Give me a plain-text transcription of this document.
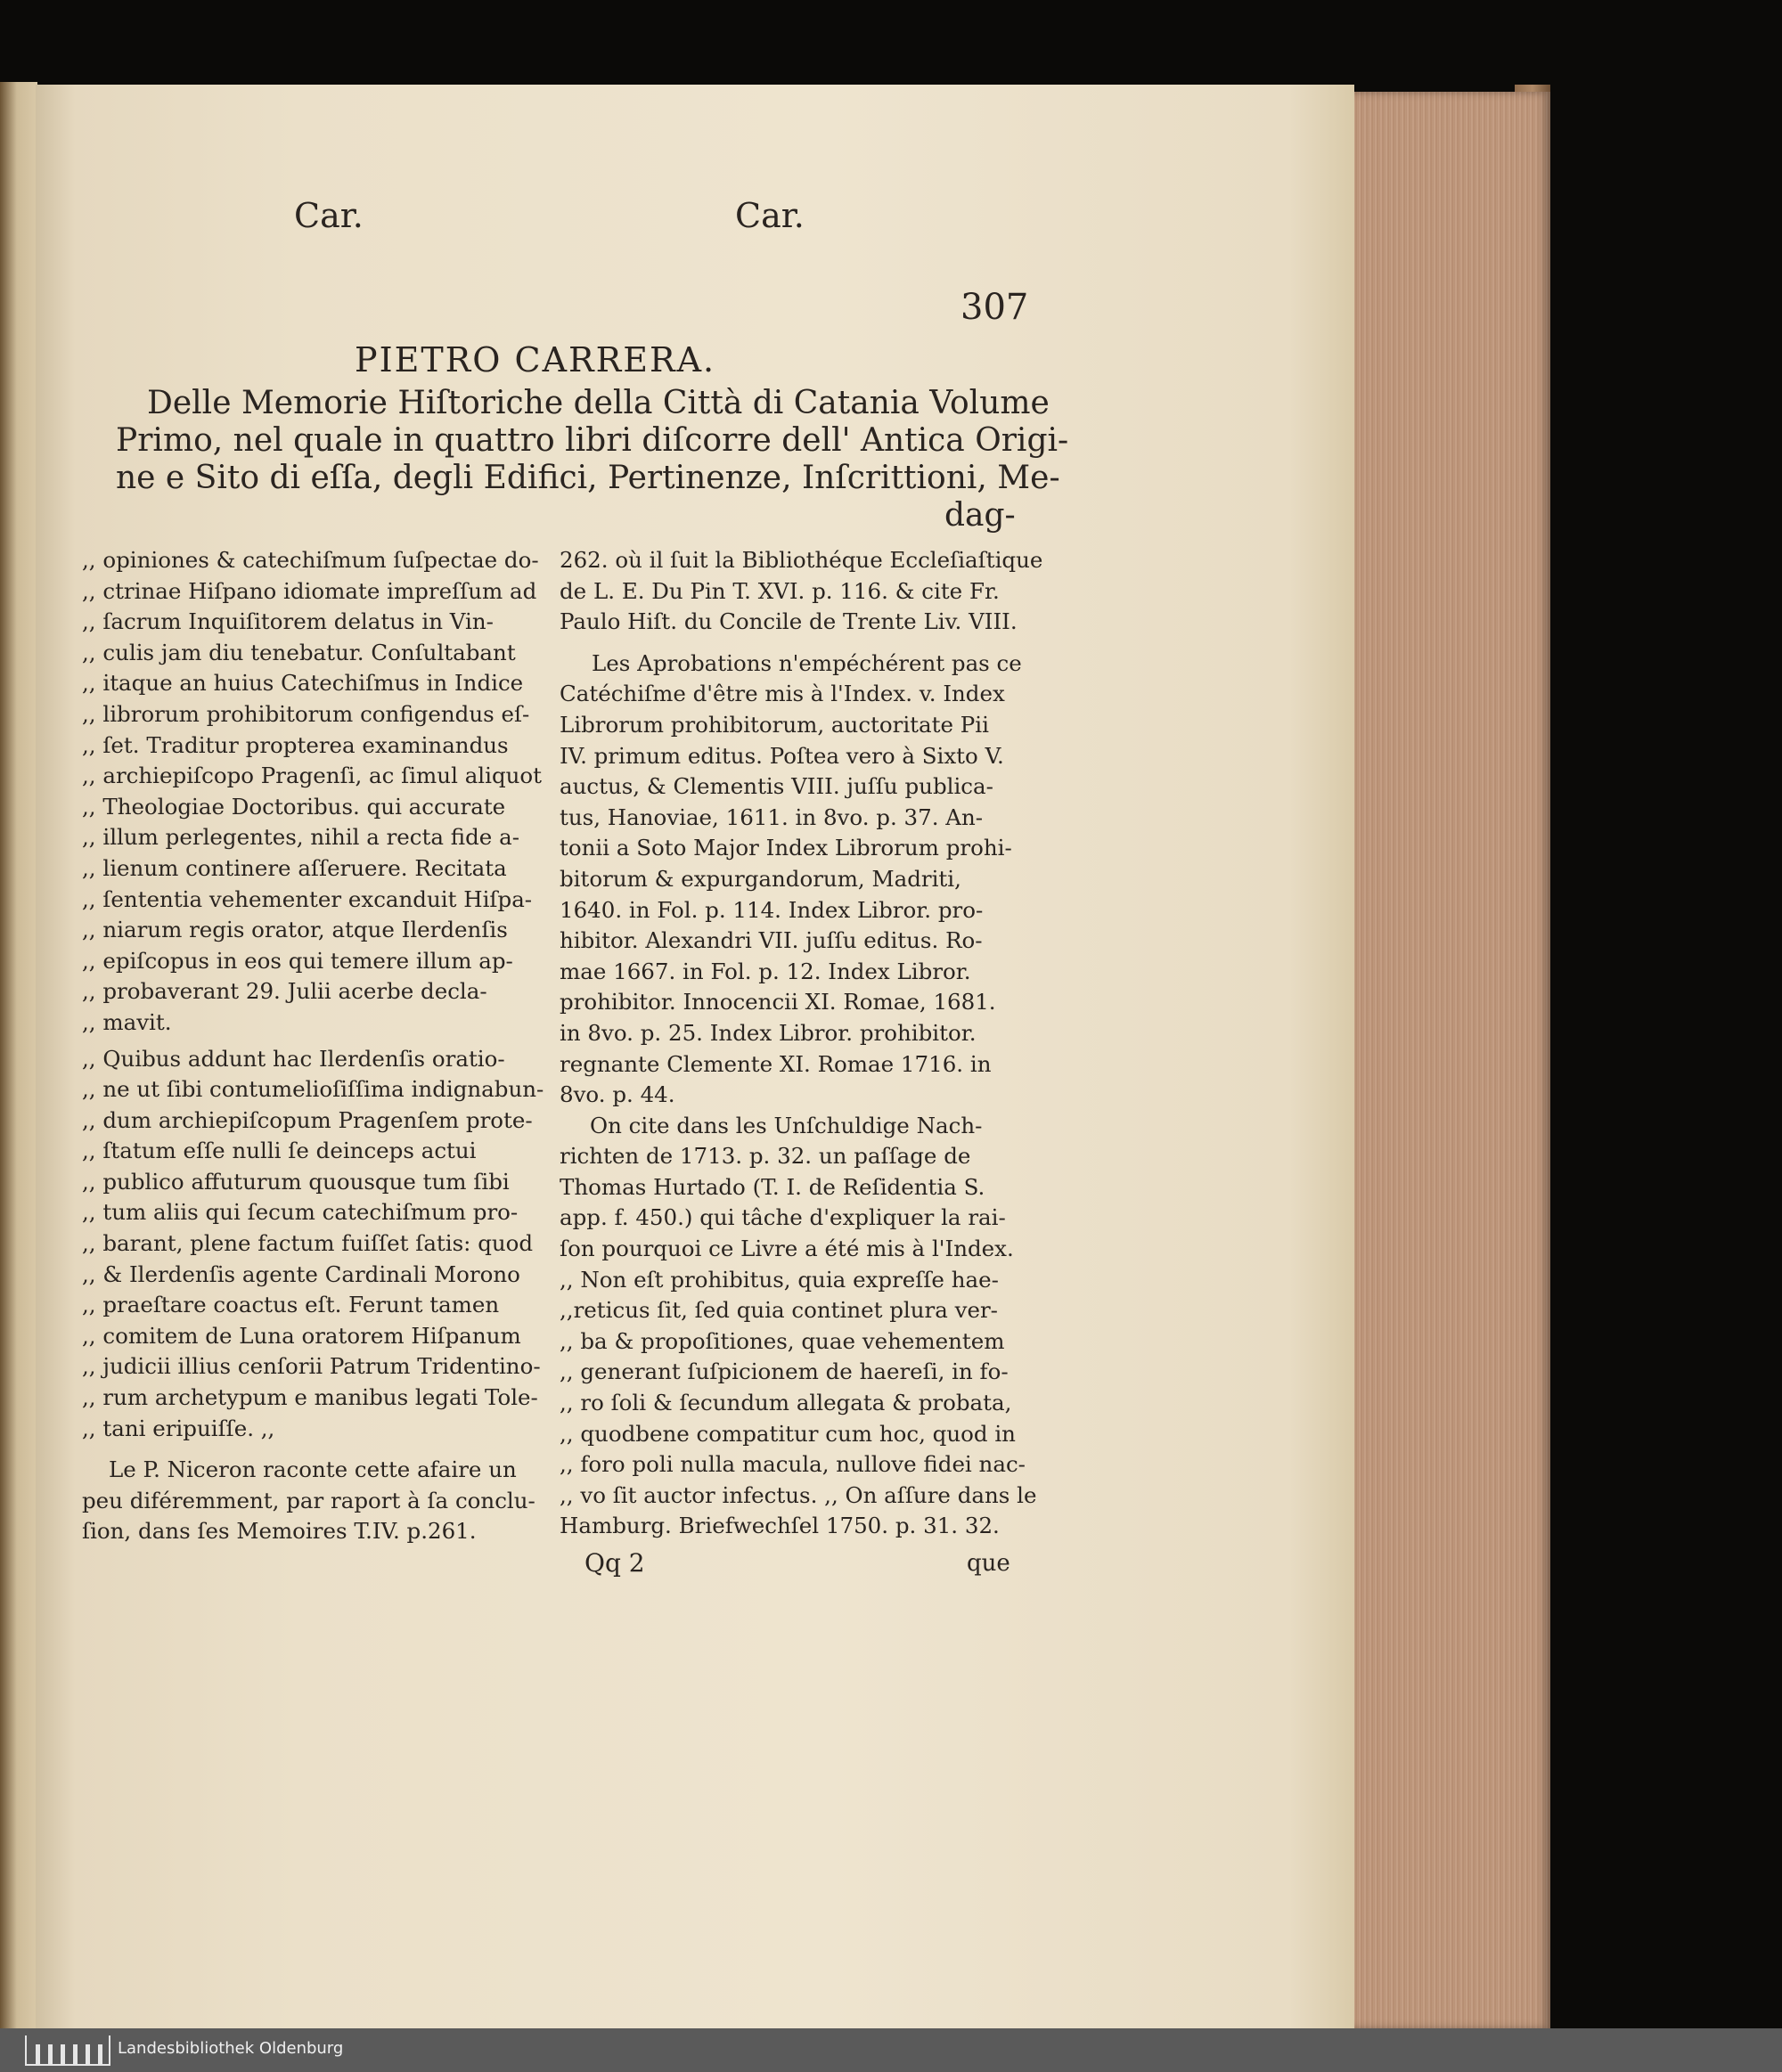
Car.	Car.
307
PIETRO CARRERA.
Delle Memorie Hiſtoriche della Città di Catania Volume
Primo, nel quale in quattro libri diſcorre dell' Antica Origi-
ne e Sito di eſſa, degli Edifici, Pertinenze, Inſcrittioni, Me-
dag-
,, opiniones & catechiſmum ſuſpectae do-
,, ctrinae Hiſpano idiomate impreſſum ad
,, ſacrum Inquiſitorem delatus in Vin-
,, culis jam diu tenebatur. Conſultabant
,, itaque an huius Catechiſmus in Indice
,, librorum prohibitorum configendus eſ-
,, ſet. Traditur propterea examinandus
,, archiepiſcopo Pragenſi, ac ſimul aliquot
,, Theologiae Doctoribus. qui accurate
,, illum perlegentes, nihil a recta fide a-
,, lienum continere aſſeruere. Recitata
,, ſententia vehementer excanduit Hiſpa-
,, niarum regis orator, atque Ilerdenſis
,, epiſcopus in eos qui temere illum ap-
,, probaverant 29. Julii acerbe decla-
,, mavit.
,, Quibus addunt hac Ilerdenſis oratio-
,, ne ut ſibi contumelioſiſſima indignabun-
,, dum archiepiſcopum Pragenſem prote-
,, ſtatum eſſe nulli ſe deinceps actui
,, publico affuturum quousque tum ſibi
,, tum aliis qui ſecum catechiſmum pro-
,, barant, plene factum fuiſſet ſatis: quod
,, & Ilerdenſis agente Cardinali Morono
,, praeſtare coactus eſt. Ferunt tamen
,, comitem de Luna oratorem Hiſpanum
,, judicii illius cenſorii Patrum Tridentino-
,, rum archetypum e manibus legati Tole-
,, tani eripuiſſe. ,,
Le P. Niceron raconte cette afaire un
peu diféremment, par raport à ſa conclu-
ſion, dans ſes Memoires T.IV. p.261.
262. où il ſuit la Bibliothéque Eccleſiaſtique
de L. E. Du Pin T. XVI. p. 116. & cite Fr.
Paulo Hiſt. du Concile de Trente Liv. VIII.
Les Aprobations n'empéchérent pas ce
Catéchiſme d'être mis à l'Index. v. Index
Librorum prohibitorum, auctoritate Pii
IV. primum editus. Poſtea vero à Sixto V.
auctus, & Clementis VIII. juſſu publica-
tus, Hanoviae, 1611. in 8vo. p. 37. An-
tonii a Soto Major Index Librorum prohi-
bitorum & expurgandorum, Madriti,
1640. in Fol. p. 114. Index Libror. pro-
hibitor. Alexandri VII. juſſu editus. Ro-
mae 1667. in Fol. p. 12. Index Libror.
prohibitor. Innocencii XI. Romae, 1681.
in 8vo. p. 25. Index Libror. prohibitor.
regnante Clemente XI. Romae 1716. in
8vo. p. 44.
On cite dans les Unſchuldige Nach-
richten de 1713. p. 32. un paſſage de
Thomas Hurtado (T. I. de Reſidentia S.
app. f. 450.) qui tâche d'expliquer la rai-
ſon pourquoi ce Livre a été mis à l'Index.
,, Non eſt prohibitus, quia expreſſe hae-
,,reticus ſit, ſed quia continet plura ver-
,, ba & propoſitiones, quae vehementem
,, generant ſuſpicionem de haereſi, in fo-
,, ro ſoli & ſecundum allegata & probata,
,, quodbene compatitur cum hoc, quod in
,, foro poli nulla macula, nullove fidei nac-
,, vo ſit auctor infectus. ,, On aſſure dans le
Hamburg. Briefwechſel 1750. p. 31. 32.
Qq 2	que
Landesbibliothek Oldenburg
